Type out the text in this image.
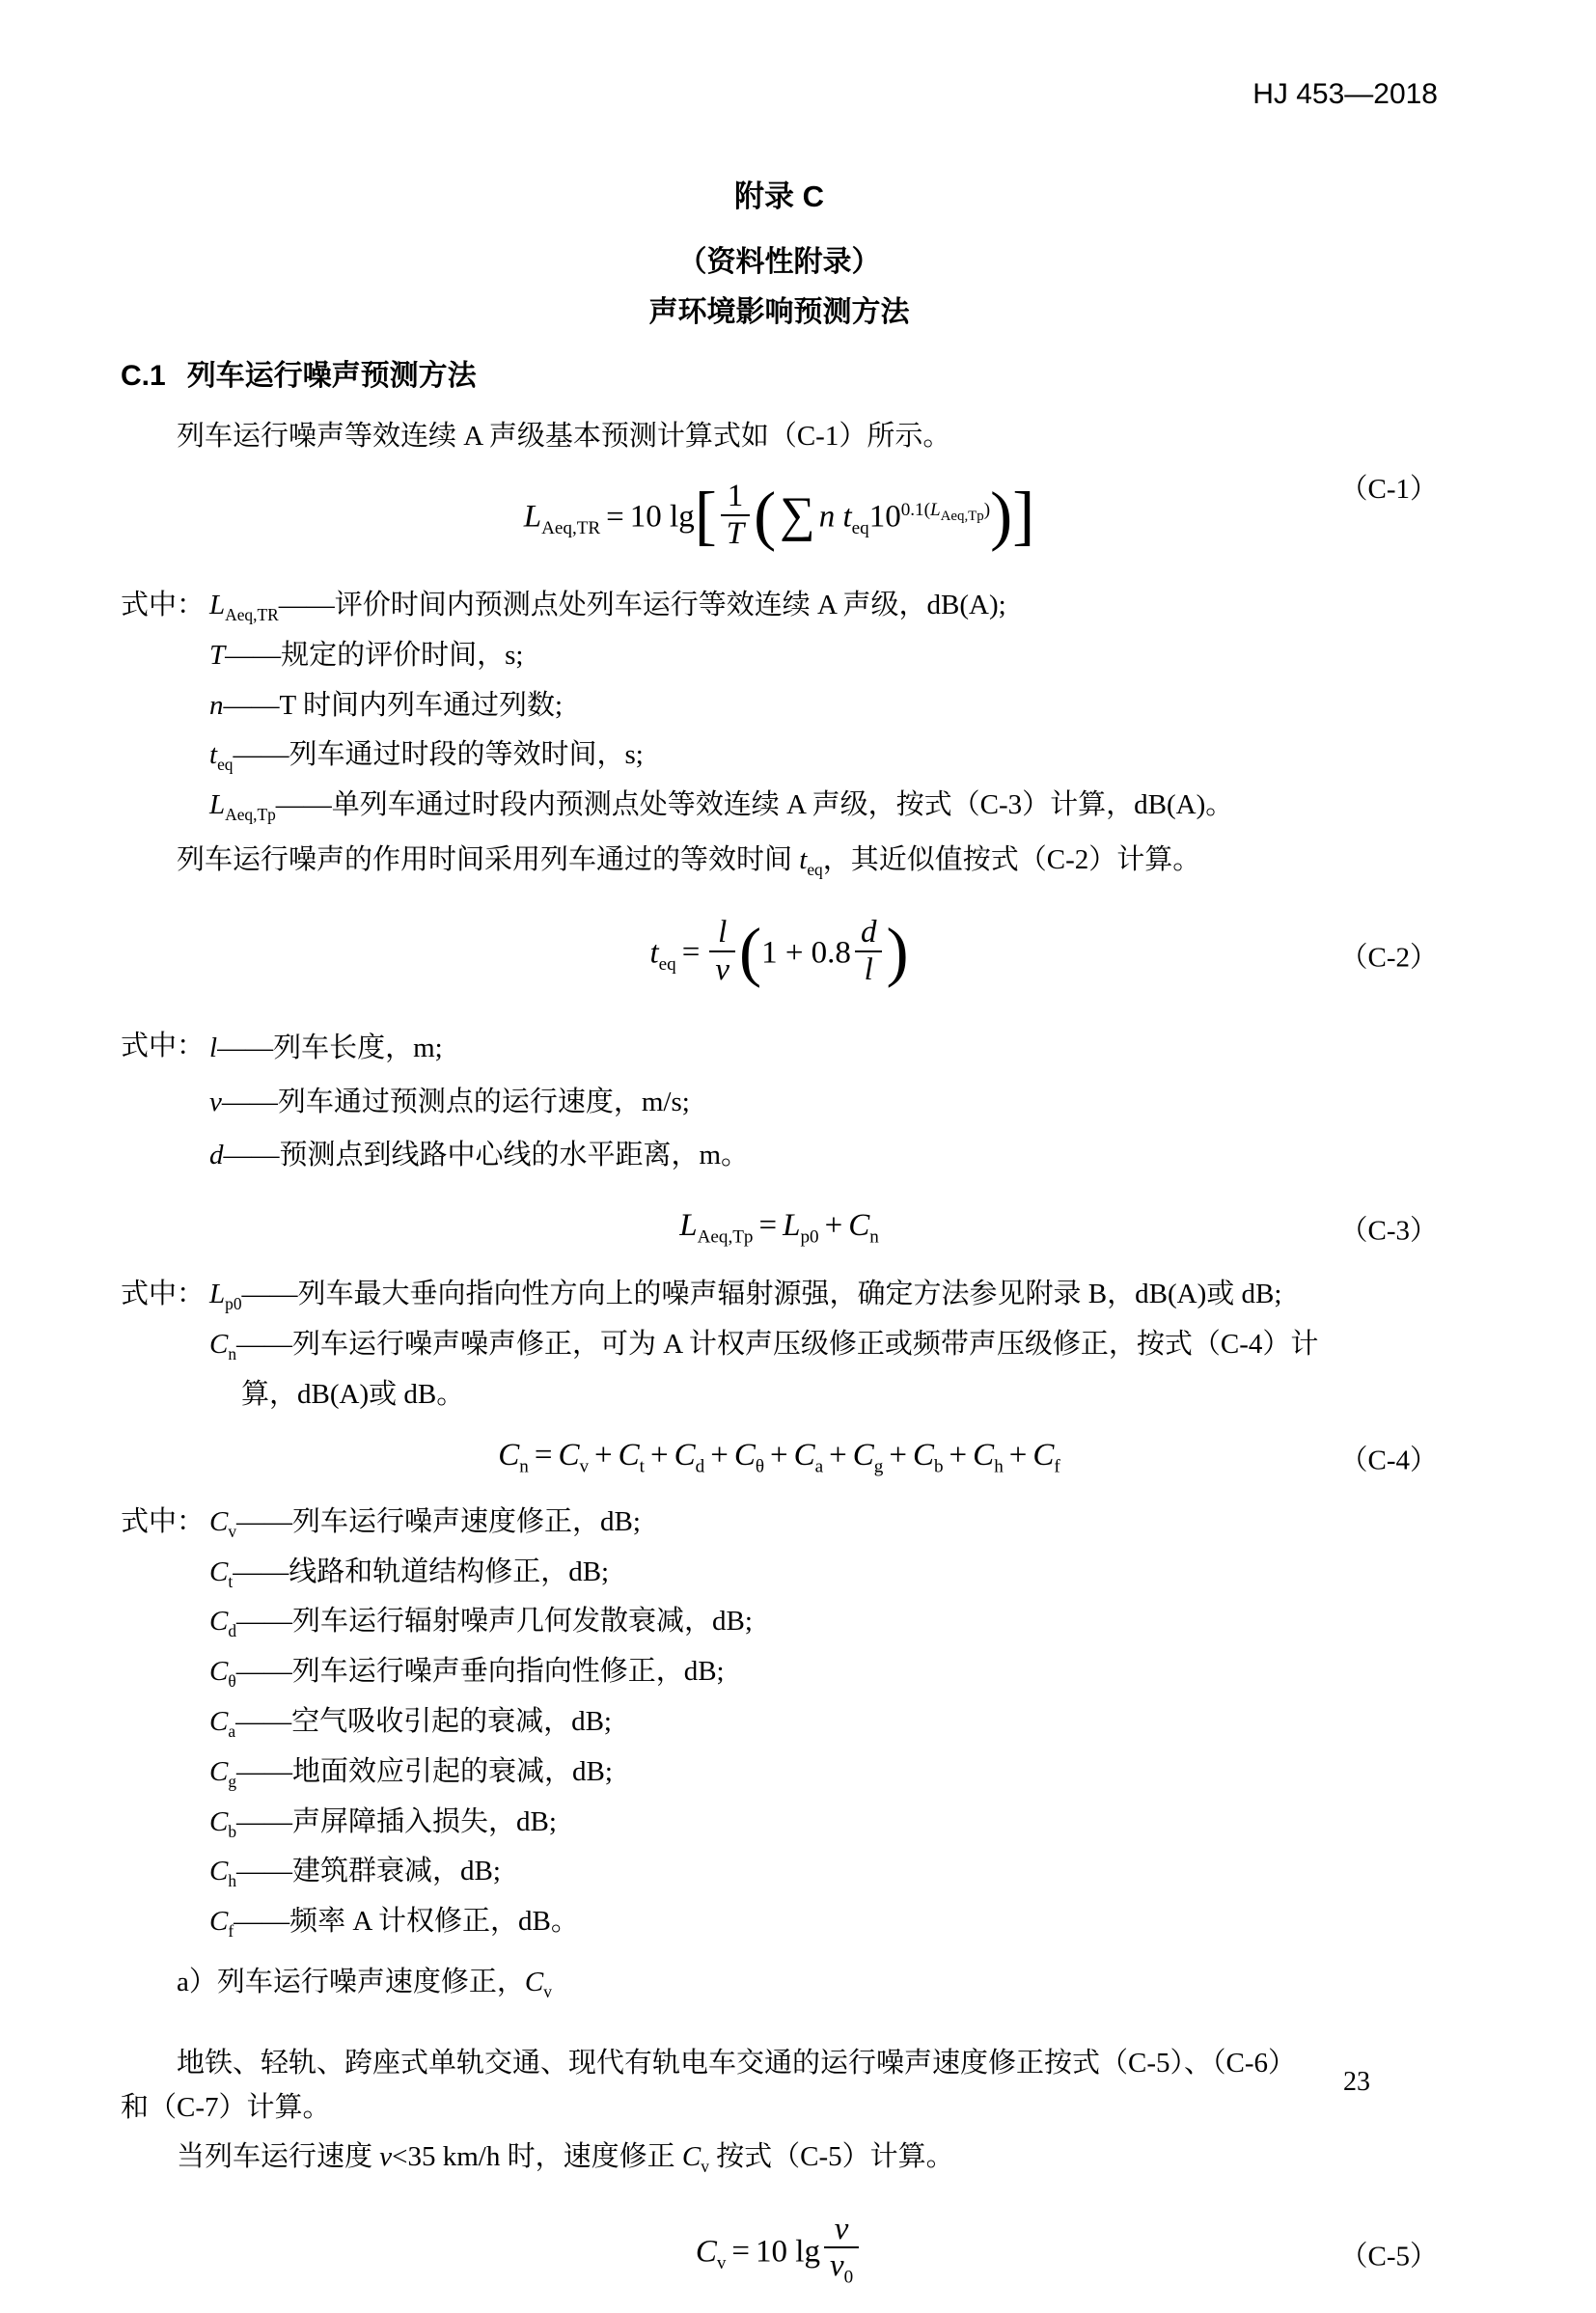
HJ 453—2018
附录 C
（资料性附录）
声环境影响预测方法
C.1 列车运行噪声预测方法

列车运行噪声等效连续 A 声级基本预测计算式如（C-1）所示。

$L_{Aeq,TR} = 10$ $\lg[ \frac{1}{T}$ (∑ n $t_{eq}10^{0.1(L_{Aeq,Tp})}$)]	（C-1）
式中： $L_{Aeq,TR}——$评价时间内预测点处列车运行等效连续 A 声级，dB(A);
T——规定的评价时间，s;
n——T 时间内列车通过列数;
$t_{eq}——$列车通过时段的等效时间，s;
$L_{Aeq,Tp}——$单列车通过时段内预测点处等效连续 A 声级，按式（C-3）计算，dB(A)。

列车运行噪声的作用时间采用列车通过的等效时间 $t_{eq}$，其近似值按式（C-2）计算。

$t_{eq} = \frac{l}{v} (1 + 0.8 \frac{d}{l}$ )	（C-2）
式中： l——列车长度，m;
v——列车通过预测点的运行速度，m/s;
d——预测点到线路中心线的水平距离，m。
$L_{Aeq,Tp} = L_{p0} + C_n$	（C-3）
式中： $L_{p0}——$列车最大垂向指向性方向上的噪声辐射源强，确定方法参见附录 B，dB(A)或 dB;
$C_n——$列车运行噪声噪声修正，可为 A 计权声压级修正或频带声压级修正，按式（C-4）计
算，dB(A)或 dB。
$C_n = C_v + C_t + C_d + C_\theta + C_a + C_g + C_b + C_h + C_f$	（C-4）
式中： $C_v——$列车运行噪声速度修正，dB;
$C_t——$线路和轨道结构修正，dB;
$C_d——$列车运行辐射噪声几何发散衰减，dB;
$C_\theta——$列车运行噪声垂向指向性修正，dB;
$C_a——$空气吸收引起的衰减，dB;
$C_g——$地面效应引起的衰减，dB;
$C_b——$声屏障插入损失，dB;
$C_h——$建筑群衰减，dB;
$C_f——$频率 A 计权修正，dB。

a）列车运行噪声速度修正，$C_v$

地铁、轻轨、跨座式单轨交通、现代有轨电车交通的运行噪声速度修正按式（C-5）、（C-6）

和（C-7）计算。

当列车运行速度 v<35 km/h 时，速度修正 $C_v$ 按式（C-5）计算。

$C_v = 10$ $\lg \frac{v}{v_0}$	（C-5）
23
